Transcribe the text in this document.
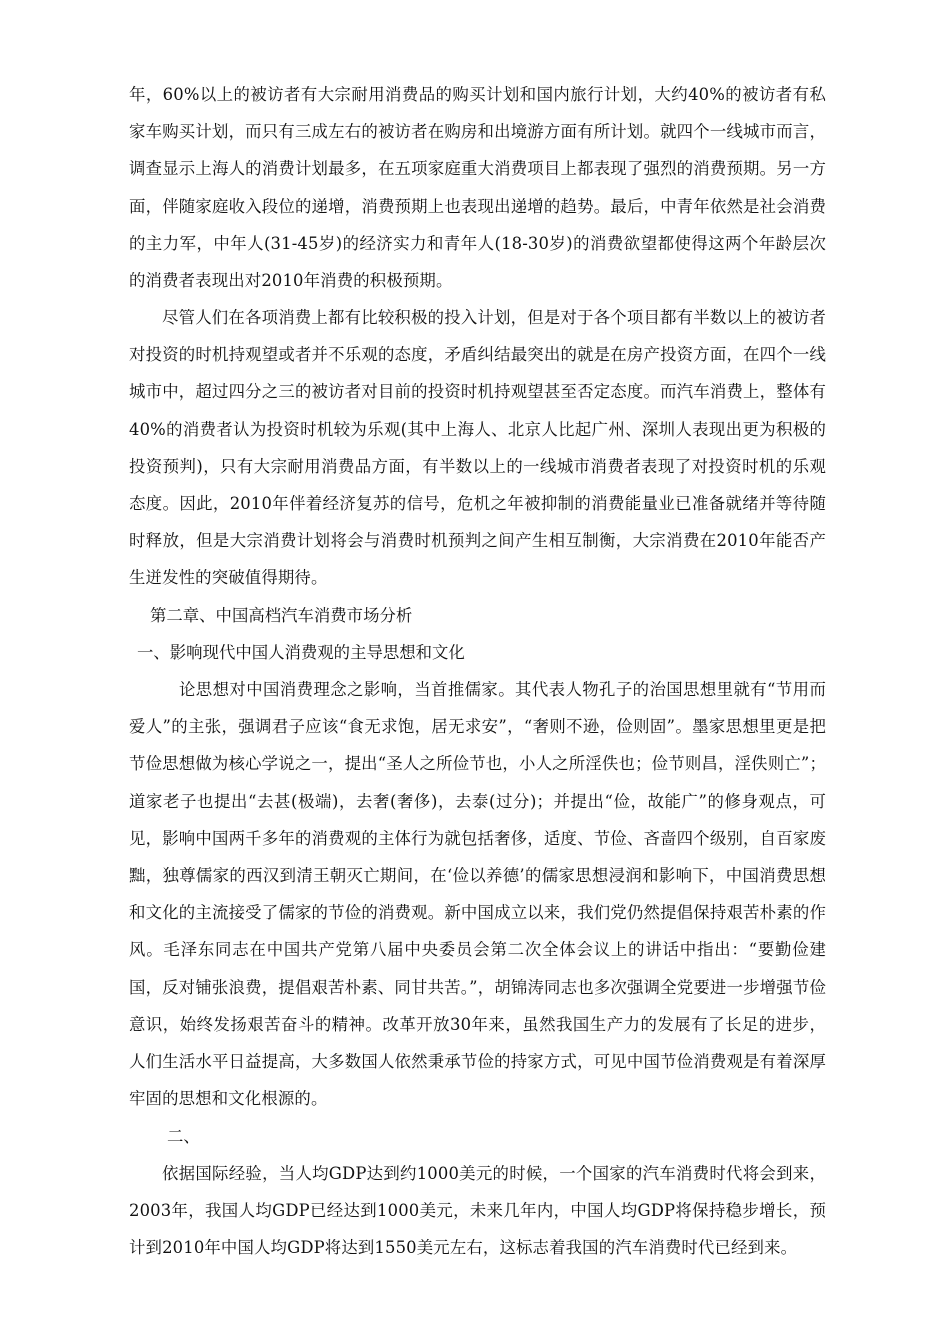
年，60%以上的被访者有大宗耐用消费品的购买计划和国内旅行计划，大约40%的被访者有私家车购买计划，而只有三成左右的被访者在购房和出境游方面有所计划。就四个一线城市而言，调查显示上海人的消费计划最多，在五项家庭重大消费项目上都表现了强烈的消费预期。另一方面，伴随家庭收入段位的递增，消费预期上也表现出递增的趋势。最后，中青年依然是社会消费的主力军，中年人(31-45岁)的经济实力和青年人(18-30岁)的消费欲望都使得这两个年龄层次的消费者表现出对2010年消费的积极预期。

尽管人们在各项消费上都有比较积极的投入计划，但是对于各个项目都有半数以上的被访者对投资的时机持观望或者并不乐观的态度，矛盾纠结最突出的就是在房产投资方面，在四个一线城市中，超过四分之三的被访者对目前的投资时机持观望甚至否定态度。而汽车消费上，整体有40%的消费者认为投资时机较为乐观(其中上海人、北京人比起广州、深圳人表现出更为积极的投资预判)，只有大宗耐用消费品方面，有半数以上的一线城市消费者表现了对投资时机的乐观态度。因此，2010年伴着经济复苏的信号，危机之年被抑制的消费能量业已准备就绪并等待随时释放，但是大宗消费计划将会与消费时机预判之间产生相互制衡，大宗消费在2010年能否产生迸发性的突破值得期待。

第二章、中国高档汽车消费市场分析
一、影响现代中国人消费观的主导思想和文化

论思想对中国消费理念之影响，当首推儒家。其代表人物孔子的治国思想里就有“节用而爱人”的主张，强调君子应该“食无求饱，居无求安”，“奢则不逊，俭则固”。墨家思想里更是把节俭思想做为核心学说之一，提出“圣人之所俭节也，小人之所淫佚也；俭节则昌，淫佚则亡”；道家老子也提出“去甚(极端)，去奢(奢侈)，去泰(过分)；并提出“俭，故能广”的修身观点，可见，影响中国两千多年的消费观的主体行为就包括奢侈，适度、节俭、吝啬四个级别，自百家废黜，独尊儒家的西汉到清王朝灭亡期间，在‘俭以养德’的儒家思想浸润和影响下，中国消费思想和文化的主流接受了儒家的节俭的消费观。新中国成立以来，我们党仍然提倡保持艰苦朴素的作风。毛泽东同志在中国共产党第八届中央委员会第二次全体会议上的讲话中指出：“要勤俭建国，反对铺张浪费，提倡艰苦朴素、同甘共苦。”，胡锦涛同志也多次强调全党要进一步增强节俭意识，始终发扬艰苦奋斗的精神。改革开放30年来，虽然我国生产力的发展有了长足的进步，人们生活水平日益提高，大多数国人依然秉承节俭的持家方式，可见中国节俭消费观是有着深厚牢固的思想和文化根源的。

二、

依据国际经验，当人均GDP达到约1000美元的时候，一个国家的汽车消费时代将会到来，2003年，我国人均GDP已经达到1000美元，未来几年内，中国人均GDP将保持稳步增长，预计到2010年中国人均GDP将达到1550美元左右，这标志着我国的汽车消费时代已经到来。
